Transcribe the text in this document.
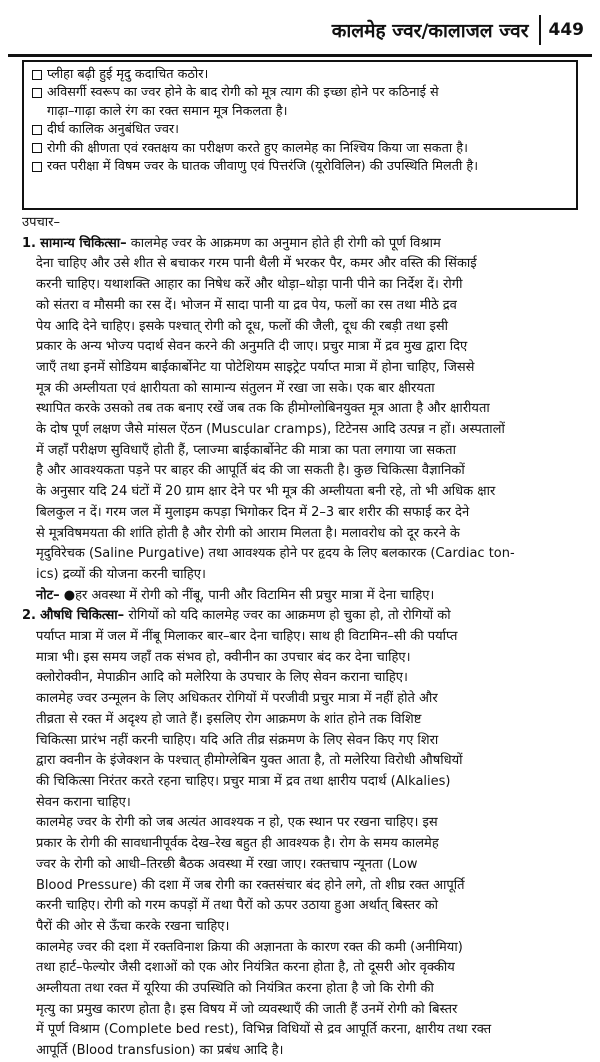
कालमेह ज्वर/कालाजल ज्वर	449
प्लीहा बढ़ी हुई मृदु कदाचित कठोर।
अविसर्गी स्वरूप का ज्वर होने के बाद रोगी को मूत्र त्याग की इच्छा होने पर कठिनाई से
गाढ़ा–गाढ़ा काले रंग का रक्त समान मूत्र निकलता है।
दीर्घ कालिक अनुबंधित ज्वर।
रोगी की क्षीणता एवं रक्तक्षय का परीक्षण करते हुए कालमेह का निश्चिय किया जा सकता है।
रक्त परीक्षा में विषम ज्वर के घातक जीवाणु एवं पित्तरंजि (यूरोविलिन) की उपस्थिति मिलती है।
उपचार–
1. सामान्य चिकित्सा– कालमेह ज्वर के आक्रमण का अनुमान होते ही रोगी को पूर्ण विश्राम
देना चाहिए और उसे शीत से बचाकर गरम पानी थैली में भरकर पैर, कमर और वस्ति की सिंकाई
करनी चाहिए। यथाशक्ति आहार का निषेध करें और थोड़ा–थोड़ा पानी पीने का निर्देश दें। रोगी
को संतरा व मौसमी का रस दें। भोजन में सादा पानी या द्रव पेय, फलों का रस तथा मीठे द्रव
पेय आदि देने चाहिए। इसके पश्चात् रोगी को दूध, फलों की जैली, दूध की रबड़ी तथा इसी
प्रकार के अन्य भोज्य पदार्थ सेवन करने की अनुमति दी जाए। प्रचुर मात्रा में द्रव मुख द्वारा दिए
जाएँ तथा इनमें सोडियम बाईकार्बोनेट या पोटेशियम साइट्रेट पर्याप्त मात्रा में होना चाहिए, जिससे
मूत्र की अम्लीयता एवं क्षारीयता को सामान्य संतुलन में रखा जा सके। एक बार क्षीरयता
स्थापित करके उसको तब तक बनाए रखें जब तक कि हीमोग्लोबिनयुक्त मूत्र आता है और क्षारीयता
के दोष पूर्ण लक्षण जैसे मांसल ऐंठन (Muscular cramps), टिटेनस आदि उत्पन्न न हों। अस्पतालों
में जहाँ परीक्षण सुविधाएँ होती हैं, प्लाज्मा बाईकार्बोनेट की मात्रा का पता लगाया जा सकता
है और आवश्यकता पड़ने पर बाहर की आपूर्ति बंद की जा सकती है। कुछ चिकित्सा वैज्ञानिकों
के अनुसार यदि 24 घंटों में 20 ग्राम क्षार देने पर भी मूत्र की अम्लीयता बनी रहे, तो भी अधिक क्षार
बिलकुल न दें। गरम जल में मुलाइम कपड़ा भिगोकर दिन में 2–3 बार शरीर की सफाई कर देने
से मूत्रविषमयता की शांति होती है और रोगी को आराम मिलता है। मलावरोध को दूर करने के
मृदुविरेचक (Saline Purgative) तथा आवश्यक होने पर हृदय के लिए बलकारक (Cardiac ton-
ics) द्रव्यों की योजना करनी चाहिए।
नोट– ●हर अवस्था में रोगी को नींबू, पानी और विटामिन सी प्रचुर मात्रा में देना चाहिए।
2. औषधि चिकित्सा– रोगियों को यदि कालमेह ज्वर का आक्रमण हो चुका हो, तो रोगियों को
पर्याप्त मात्रा में जल में नींबू मिलाकर बार–बार देना चाहिए। साथ ही विटामिन–सी की पर्याप्त
मात्रा भी। इस समय जहाँ तक संभव हो, क्वीनीन का उपचार बंद कर देना चाहिए।
क्लोरोक्वीन, मेपाक्रीन आदि को मलेरिया के उपचार के लिए सेवन कराना चाहिए।
कालमेह ज्वर उन्मूलन के लिए अधिकतर रोगियों में परजीवी प्रचुर मात्रा में नहीं होते और
तीव्रता से रक्त में अदृश्य हो जाते हैं। इसलिए रोग आक्रमण के शांत होने तक विशिष्ट
चिकित्सा प्रारंभ नहीं करनी चाहिए। यदि अति तीव्र संक्रमण के लिए सेवन किए गए शिरा
द्वारा क्वनीन के इंजेक्शन के पश्चात् हीमोग्लेबिन युक्त आता है, तो मलेरिया विरोधी औषधियों
की चिकित्सा निरंतर करते रहना चाहिए। प्रचुर मात्रा में द्रव तथा क्षारीय पदार्थ (Alkalies)
सेवन कराना चाहिए।
कालमेह ज्वर के रोगी को जब अत्यंत आवश्यक न हो, एक स्थान पर रखना चाहिए। इस
प्रकार के रोगी की सावधानीपूर्वक देख–रेख बहुत ही आवश्यक है। रोग के समय कालमेह
ज्वर के रोगी को आधी–तिरछी बैठक अवस्था में रखा जाए। रक्तचाप न्यूनता (Low
Blood Pressure) की दशा में जब रोगी का रक्तसंचार बंद होने लगे, तो शीघ्र रक्त आपूर्ति
करनी चाहिए। रोगी को गरम कपड़ों में तथा पैरों को ऊपर उठाया हुआ अर्थात् बिस्तर को
पैरों की ओर से ऊँचा करके रखना चाहिए।
कालमेह ज्वर की दशा में रक्तविनाश क्रिया की अज्ञानता के कारण रक्त की कमी (अनीमिया)
तथा हार्ट–फेल्योर जैसी दशाओं को एक ओर नियंत्रित करना होता है, तो दूसरी ओर वृक्कीय
अम्लीयता तथा रक्त में यूरिया की उपस्थिति को नियंत्रित करना होता है जो कि रोगी की
मृत्यु का प्रमुख कारण होता है। इस विषय में जो व्यवस्थाएँ की जाती हैं उनमें रोगी को बिस्तर
में पूर्ण विश्राम (Complete bed rest), विभिन्न विधियों से द्रव आपूर्ति करना, क्षारीय तथा रक्त
आपूर्ति (Blood transfusion) का प्रबंध आदि है।
